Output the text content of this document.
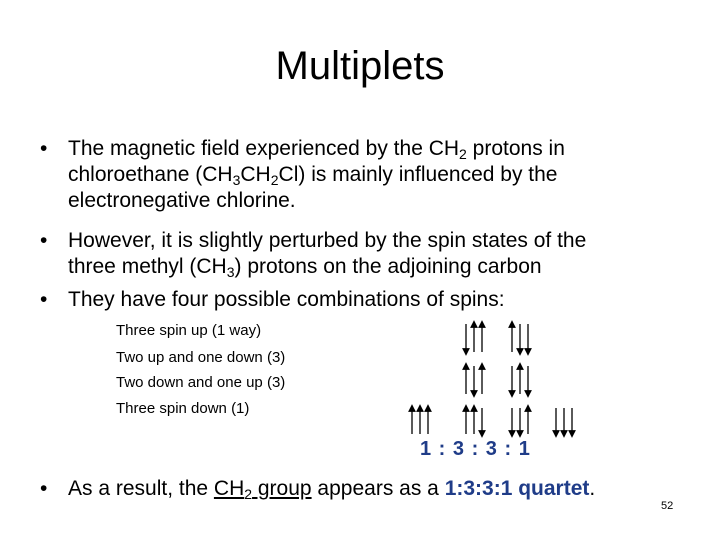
Multiplets
• The magnetic field experienced by the $CH_2$ protons in
chloroethane $(CH_3CH_2Cl)$ is mainly influenced by the
electronegative chlorine.
• However, it is slightly perturbed by the spin states of the
three methyl $(CH_3)$ protons on the adjoining carbon
• They have four possible combinations of spins:
Three spin up (1 way)
Two up and one down (3)
Two down and one up (3)
Three spin down (1)
1 : 3 : 3 : 1
• As a result, the $CH_2$ group appears as a 1:3:3:1 quartet.
52
